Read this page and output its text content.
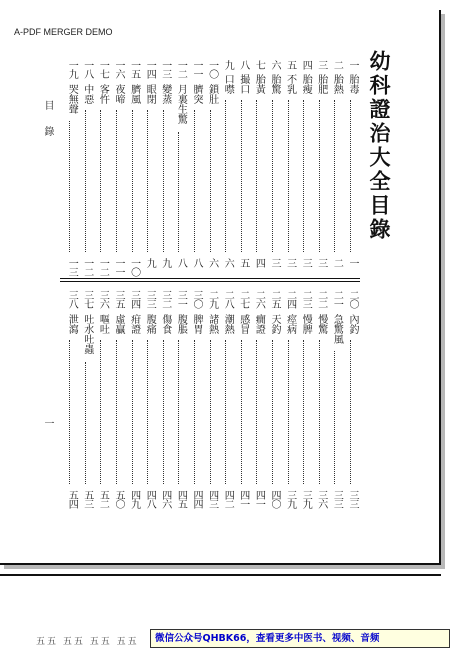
A-PDF MERGER DEMO
幼科證治大全目錄
目
錄
一
一
胎毒
一
二
胎熱
二
三
胎肥
三
四
胎瘦
三
五
不乳
三
六
胎驚
三
七
胎黃
四
八
撮口
五
九
口噤
六
一〇
鎖肚
六
一一
臍突
八
一二
月裏生驚
八
一三
變蒸
九
一四
眼閉
九
一五
臍風
一〇
一六
夜啼
一一
一七
客忤
一二
一八
中惡
一二
一九
哭無聲
一三
二〇
內釣
三三
二一
急驚風
三三
二二
慢驚
三六
二三
慢脾
三九
二四
痙病
三九
二五
天釣
四〇
二六
癇證
四一
二七
感冒
四一
二八
潮熱
四二
二九
諸熱
四三
三〇
脾胃
四四
三一
腹脹
四五
三二
傷食
四六
三三
腹痛
四八
三四
疳證
四九
三五
虛贏
五〇
三六
嘔吐
五二
三七
吐水吐蟲
五三
三八
泄瀉
五四
五五 五五 五五 五五	微信公众号QHBK66，查看更多中医书、视频、音频
